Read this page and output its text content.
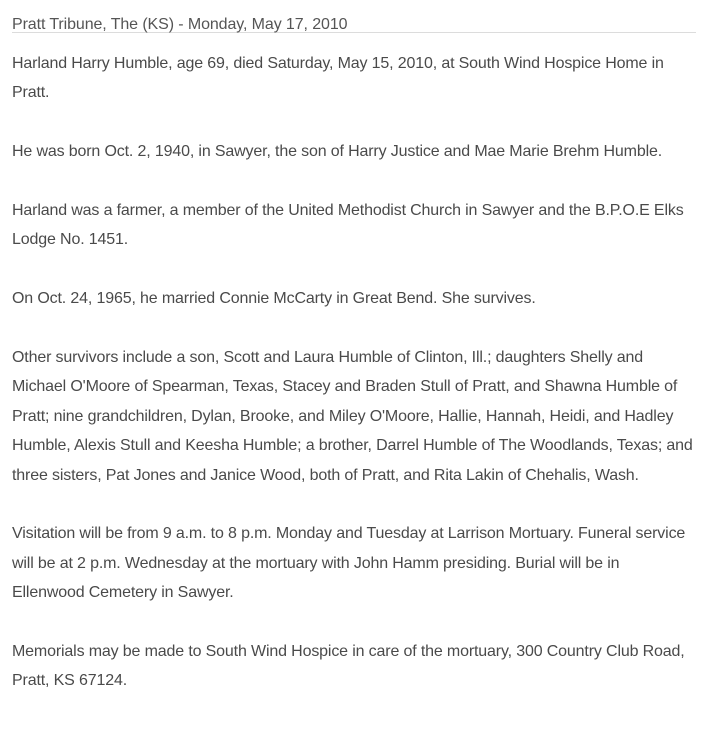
Pratt Tribune, The (KS) - Monday, May 17, 2010

Harland Harry Humble, age 69, died Saturday, May 15, 2010, at South Wind Hospice Home in Pratt.

He was born Oct. 2, 1940, in Sawyer, the son of Harry Justice and Mae Marie Brehm Humble.

Harland was a farmer, a member of the United Methodist Church in Sawyer and the B.P.O.E Elks Lodge No. 1451.

On Oct. 24, 1965, he married Connie McCarty in Great Bend. She survives.

Other survivors include a son, Scott and Laura Humble of Clinton, Ill.; daughters Shelly and Michael O'Moore of Spearman, Texas, Stacey and Braden Stull of Pratt, and Shawna Humble of Pratt; nine grandchildren, Dylan, Brooke, and Miley O'Moore, Hallie, Hannah, Heidi, and Hadley Humble, Alexis Stull and Keesha Humble; a brother, Darrel Humble of The Woodlands, Texas; and three sisters, Pat Jones and Janice Wood, both of Pratt, and Rita Lakin of Chehalis, Wash.

Visitation will be from 9 a.m. to 8 p.m. Monday and Tuesday at Larrison Mortuary. Funeral service will be at 2 p.m. Wednesday at the mortuary with John Hamm presiding. Burial will be in Ellenwood Cemetery in Sawyer.

Memorials may be made to South Wind Hospice in care of the mortuary, 300 Country Club Road, Pratt, KS 67124.
